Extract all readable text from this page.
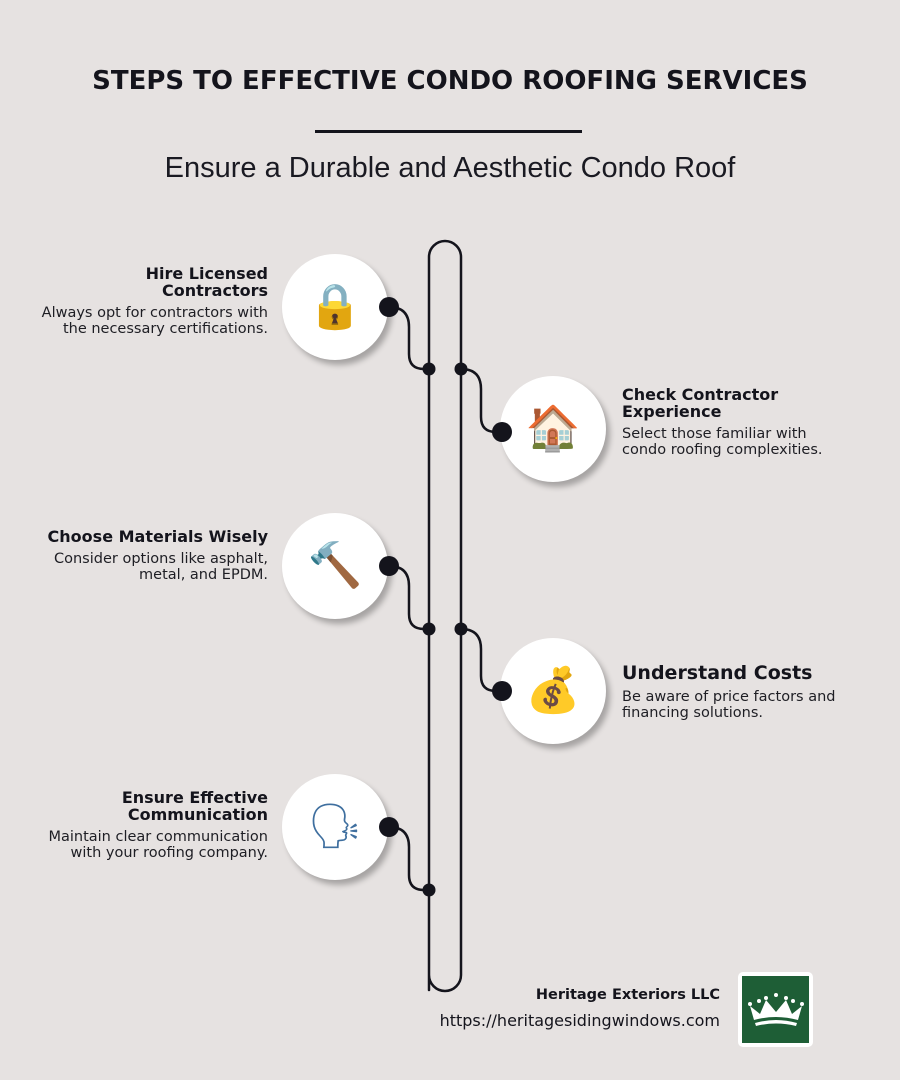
STEPS TO EFFECTIVE CONDO ROOFING SERVICES
Ensure a Durable and Aesthetic Condo Roof
Hire Licensed Contractors
Always opt for contractors with the necessary certifications. 🔒
Check Contractor Experience
Select those familiar with condo roofing complexities.
🏠
Choose Materials Wisely
Consider options like asphalt, metal, and EPDM. 🔨
Understand Costs
Be aware of price factors and financing solutions.
💰
Ensure Effective Communication
Maintain clear communication with your roofing company.
🗣
Heritage Exteriors LLC
https://heritagesidingwindows.com
